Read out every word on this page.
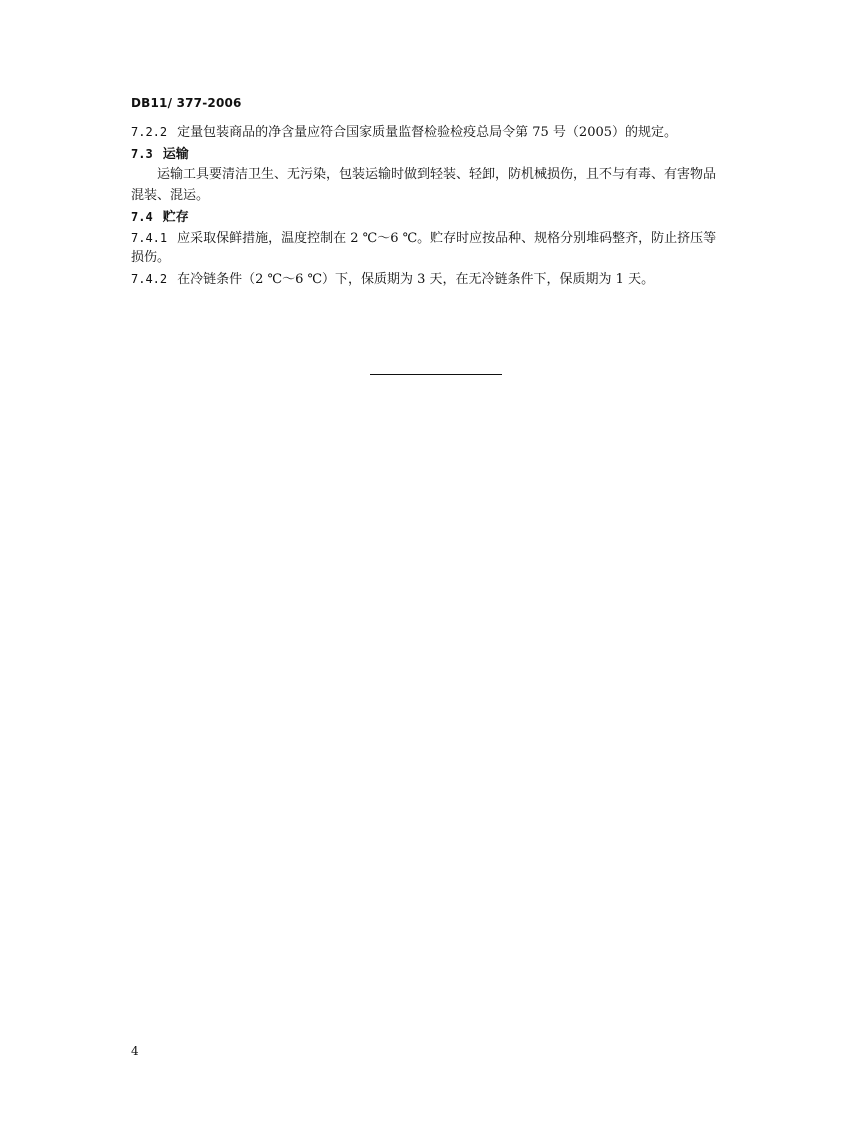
DB11/ 377-2006
7.2.2 定量包装商品的净含量应符合国家质量监督检验检疫总局令第 75 号（2005）的规定。
7.3 运输
运输工具要清洁卫生、无污染，包装运输时做到轻装、轻卸，防机械损伤，且不与有毒、有害物品
混装、混运。
7.4 贮存
7.4.1 应采取保鲜措施，温度控制在 2 ℃～6 ℃。贮存时应按品种、规格分别堆码整齐，防止挤压等
损伤。
7.4.2 在冷链条件（2 ℃～6 ℃）下，保质期为 3 天，在无冷链条件下，保质期为 1 天。
4
